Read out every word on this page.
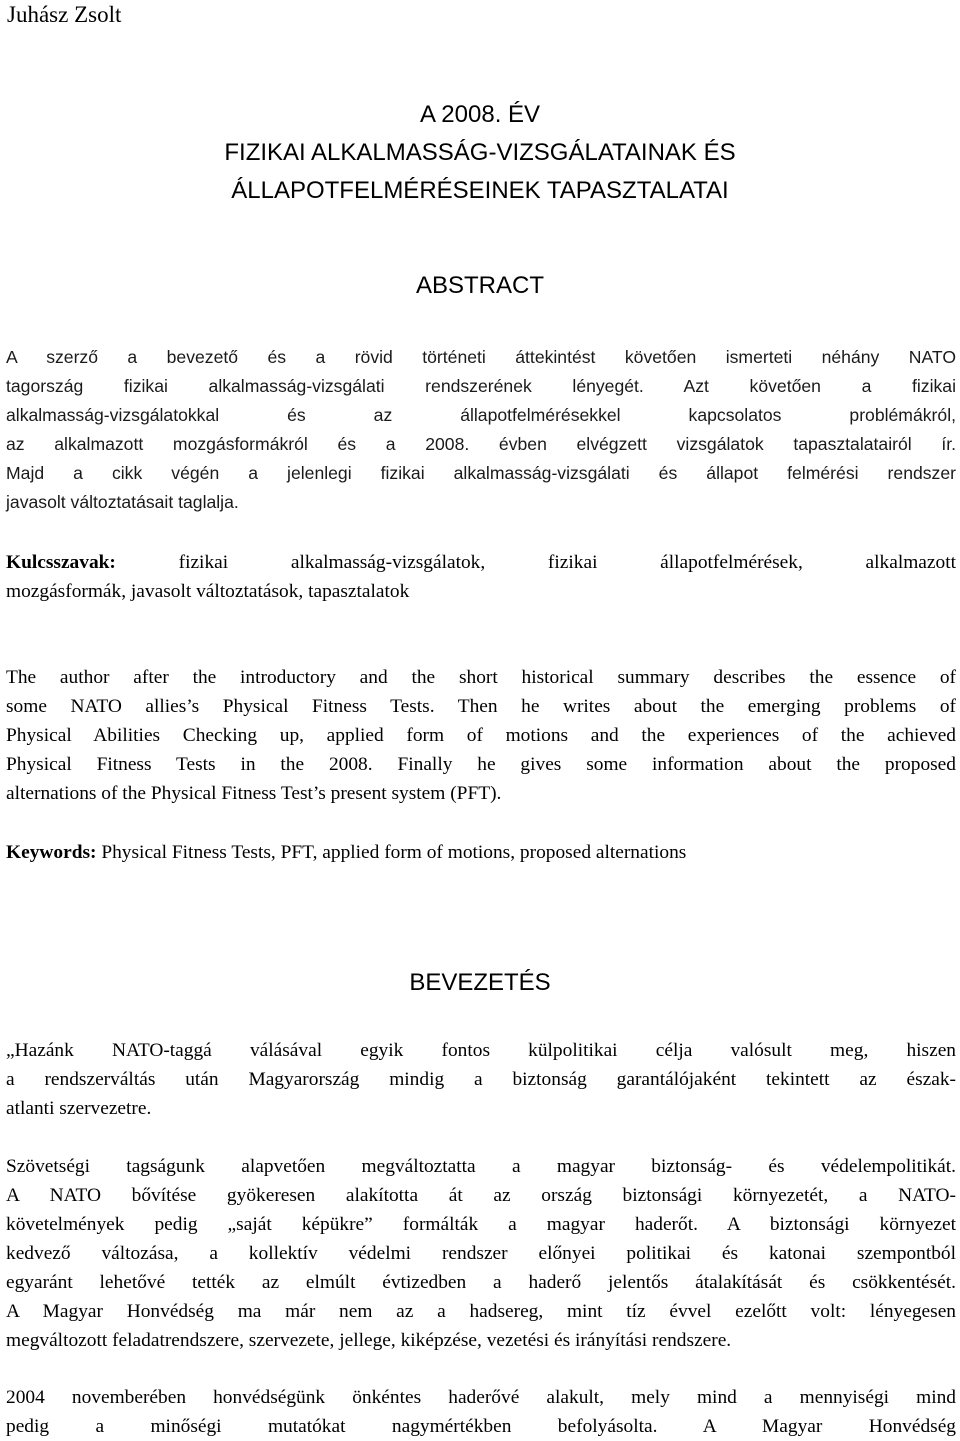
Juhász Zsolt
A 2008. ÉV
FIZIKAI ALKALMASSÁG-VIZSGÁLATAINAK ÉS
ÁLLAPOTFELMÉRÉSEINEK TAPASZTALATAI
ABSTRACT
A szerző a bevezető és a rövid történeti áttekintést követően ismerteti néhány NATO
tagország fizikai alkalmasság-vizsgálati rendszerének lényegét. Azt követően a fizikai
alkalmasság-vizsgálatokkal és az állapotfelmérésekkel kapcsolatos problémákról,
az alkalmazott mozgásformákról és a 2008. évben elvégzett vizsgálatok tapasztalatairól ír.
Majd a cikk végén a jelenlegi fizikai alkalmasság-vizsgálati és állapot felmérési rendszer
javasolt változtatásait taglalja.
Kulcsszavak:	fizikai alkalmasság-vizsgálatok, fizikai állapotfelmérések, alkalmazott
mozgásformák, javasolt változtatások, tapasztalatok
The author after the introductory and the short historical summary describes the essence of
some NATO allies’s Physical Fitness Tests. Then he writes about the emerging problems of
Physical Abilities Checking up, applied form of motions and the experiences of the achieved
Physical Fitness Tests in the 2008. Finally he gives some information about the proposed
alternations of the Physical Fitness Test’s present system (PFT).
Keywords: Physical Fitness Tests, PFT, applied form of motions, proposed alternations
BEVEZETÉS
„Hazánk NATO-taggá válásával egyik fontos külpolitikai célja valósult meg, hiszen
a rendszerváltás után Magyarország mindig a biztonság garantálójaként tekintett az észak-
atlanti szervezetre.
Szövetségi tagságunk alapvetően megváltoztatta a magyar biztonság- és védelempolitikát.
A NATO bővítése gyökeresen alakította át az ország biztonsági környezetét, a NATO-
követelmények pedig „saját képükre” formálták a magyar haderőt. A biztonsági környezet
kedvező változása, a kollektív védelmi rendszer előnyei politikai és katonai szempontból
egyaránt lehetővé tették az elmúlt évtizedben a haderő jelentős átalakítását és csökkentését.
A Magyar Honvédség ma már nem az a hadsereg, mint tíz évvel ezelőtt volt: lényegesen
megváltozott feladatrendszere, szervezete, jellege, kiképzése, vezetési és irányítási rendszere.
2004 novemberében honvédségünk önkéntes haderővé alakult, mely mind a mennyiségi mind
pedig a minőségi mutatókat nagymértékben befolyásolta. A Magyar Honvédség
